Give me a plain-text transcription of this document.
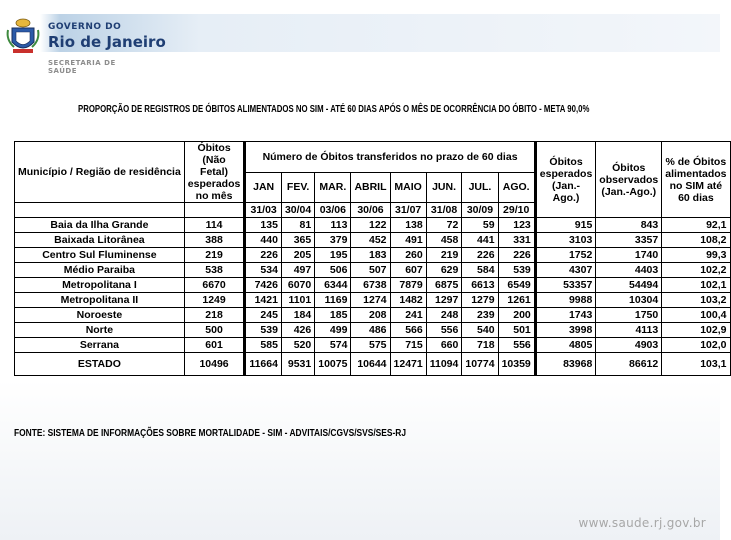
GOVERNO DO
Rio de Janeiro
SECRETARIA DE
SAÚDE
PROPORÇÃO DE REGISTROS DE ÓBITOS ALIMENTADOS NO SIM - ATÉ 60 DIAS APÓS O MÊS DE OCORRÊNCIA DO ÓBITO - META 90,0%
Município / Região de residência	Óbitos (Não Fetal) esperados no mês	Número de Óbitos transferidos no prazo de 60 dias								Óbitos esperados (Jan.- Ago.)	Óbitos observados (Jan.-Ago.)	% de Óbitos alimentados no SIM até 60 dias
		JAN	FEV.	MAR.	ABRIL	MAIO	JUN.	JUL.	AGO.			
		31/03	30/04	03/06	30/06	31/07	31/08	30/09	29/10			
Baia da Ilha Grande	114	135	81	113	122	138	72	59	123	915	843	92,1
Baixada Litorânea	388	440	365	379	452	491	458	441	331	3103	3357	108,2
Centro Sul Fluminense	219	226	205	195	183	260	219	226	226	1752	1740	99,3
Médio Paraiba	538	534	497	506	507	607	629	584	539	4307	4403	102,2
Metropolitana I	6670	7426	6070	6344	6738	7879	6875	6613	6549	53357	54494	102,1
Metropolitana II	1249	1421	1101	1169	1274	1482	1297	1279	1261	9988	10304	103,2
Noroeste	218	245	184	185	208	241	248	239	200	1743	1750	100,4
Norte	500	539	426	499	486	566	556	540	501	3998	4113	102,9
Serrana	601	585	520	574	575	715	660	718	556	4805	4903	102,0
ESTADO	10496	11664	9531	10075	10644	12471	11094	10774	10359	83968	86612	103,1
FONTE: SISTEMA DE INFORMAÇÕES SOBRE MORTALIDADE - SIM - ADVITAIS/CGVS/SVS/SES-RJ
www.saude.rj.gov.br
